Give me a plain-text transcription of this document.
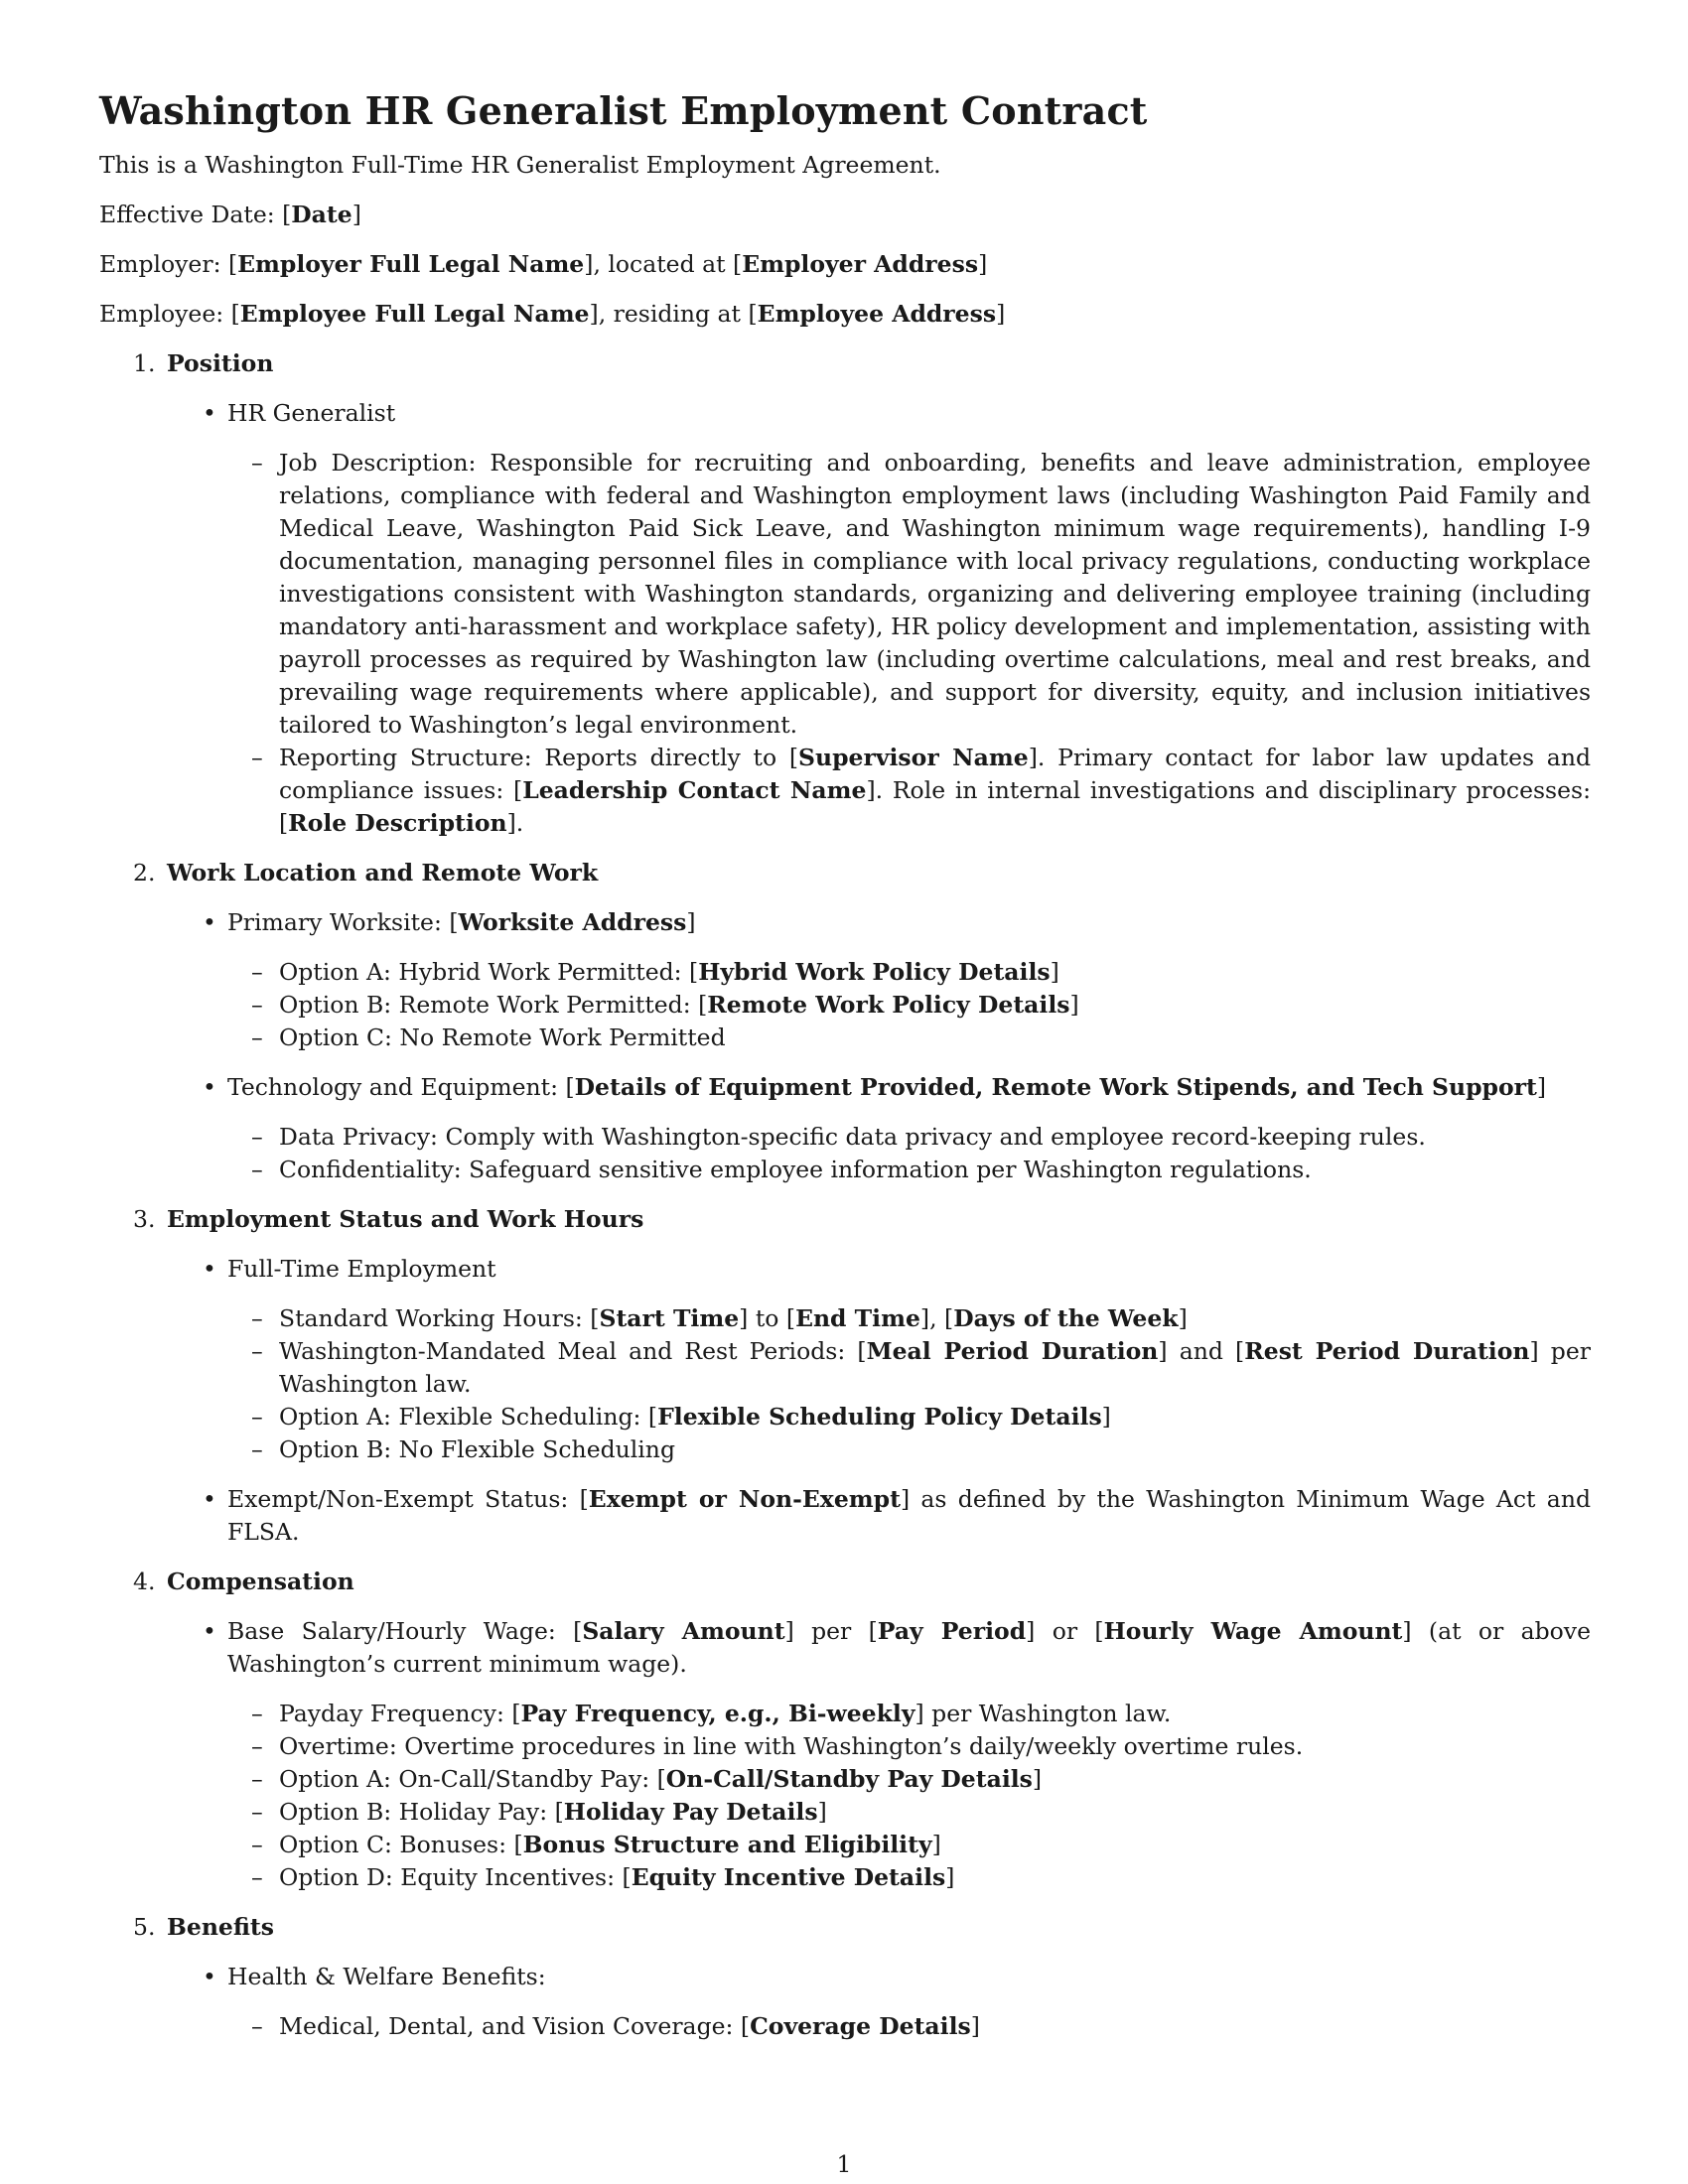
Washington HR Generalist Employment Contract

This is a Washington Full-Time HR Generalist Employment Agreement.

Effective Date: [Date]

Employer: [Employer Full Legal Name], located at [Employer Address]

Employee: [Employee Full Legal Name], residing at [Employee Address]

1. Position
• HR Generalist
– Job Description: Responsible for recruiting and onboarding, benefits and leave administration, employee relations, compliance with federal and Washington employment laws (including Washington Paid Family and Medical Leave, Washington Paid Sick Leave, and Washington minimum wage requirements), handling I-9 documentation, managing personnel files in compliance with local privacy regulations, conducting workplace investigations consistent with Washington standards, organizing and delivering employee training (including mandatory anti-harassment and workplace safety), HR policy development and implementation, assisting with payroll processes as required by Washington law (including overtime calculations, meal and rest breaks, and prevailing wage requirements where applicable), and support for diversity, equity, and inclusion initiatives tailored to Washington’s legal environment.
– Reporting Structure: Reports directly to [Supervisor Name]. Primary contact for labor law updates and compliance issues: [Leadership Contact Name]. Role in internal investigations and disciplinary processes: [Role Description].
2. Work Location and Remote Work
• Primary Worksite: [Worksite Address]
– Option A: Hybrid Work Permitted: [Hybrid Work Policy Details]
– Option B: Remote Work Permitted: [Remote Work Policy Details]
– Option C: No Remote Work Permitted
• Technology and Equipment: [Details of Equipment Provided, Remote Work Stipends, and Tech Support]
– Data Privacy: Comply with Washington-specific data privacy and employee record-keeping rules.
– Confidentiality: Safeguard sensitive employee information per Washington regulations.
3. Employment Status and Work Hours
• Full-Time Employment
– Standard Working Hours: [Start Time] to [End Time], [Days of the Week]
– Washington-Mandated Meal and Rest Periods: [Meal Period Duration] and [Rest Period Duration] per Washington law.
– Option A: Flexible Scheduling: [Flexible Scheduling Policy Details]
– Option B: No Flexible Scheduling
• Exempt/Non-Exempt Status: [Exempt or Non-Exempt] as defined by the Washington Minimum Wage Act and FLSA.
4. Compensation
• Base Salary/Hourly Wage: [Salary Amount] per [Pay Period] or [Hourly Wage Amount] (at or above Washington’s current minimum wage).
– Payday Frequency: [Pay Frequency, e.g., Bi-weekly] per Washington law.
– Overtime: Overtime procedures in line with Washington’s daily/weekly overtime rules.
– Option A: On-Call/Standby Pay: [On-Call/Standby Pay Details]
– Option B: Holiday Pay: [Holiday Pay Details]
– Option C: Bonuses: [Bonus Structure and Eligibility]
– Option D: Equity Incentives: [Equity Incentive Details]
5. Benefits
• Health & Welfare Benefits:
– Medical, Dental, and Vision Coverage: [Coverage Details]
1
